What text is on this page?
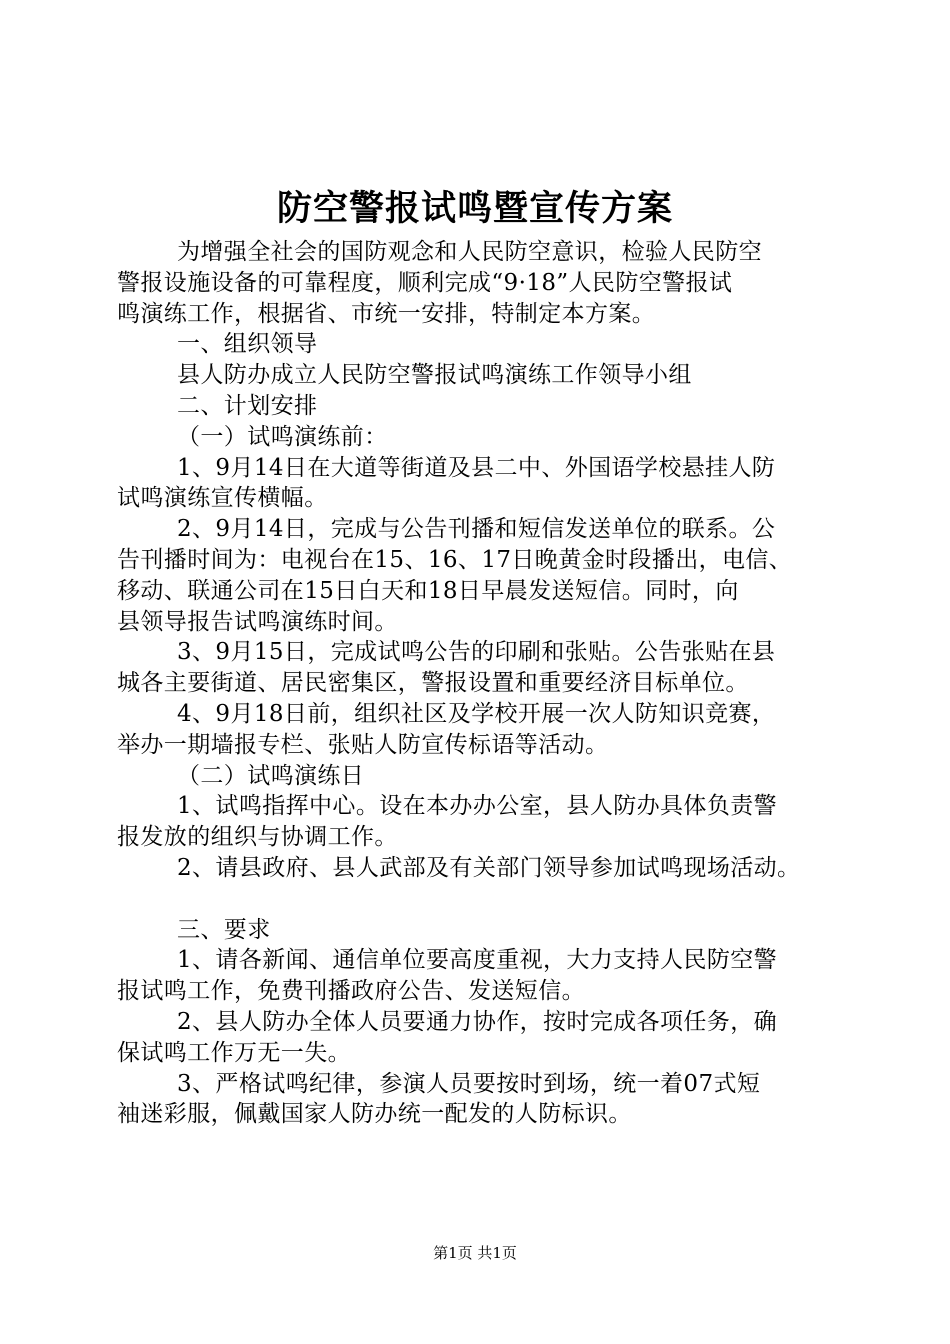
防空警报试鸣暨宣传方案
为增强全社会的国防观念和人民防空意识，检验人民防空
警报设施设备的可靠程度，顺利完成“9·18”人民防空警报试
鸣演练工作，根据省、市统一安排，特制定本方案。
一、组织领导
县人防办成立人民防空警报试鸣演练工作领导小组
二、计划安排
（一）试鸣演练前：
1、9月14日在大道等街道及县二中、外国语学校悬挂人防
试鸣演练宣传横幅。
2、9月14日，完成与公告刊播和短信发送单位的联系。公
告刊播时间为：电视台在15、16、17日晚黄金时段播出，电信、
移动、联通公司在15日白天和18日早晨发送短信。同时，向
县领导报告试鸣演练时间。
3、9月15日，完成试鸣公告的印刷和张贴。公告张贴在县
城各主要街道、居民密集区，警报设置和重要经济目标单位。
4、9月18日前，组织社区及学校开展一次人防知识竞赛，
举办一期墙报专栏、张贴人防宣传标语等活动。
（二）试鸣演练日
1、试鸣指挥中心。设在本办办公室，县人防办具体负责警
报发放的组织与协调工作。
2、请县政府、县人武部及有关部门领导参加试鸣现场活动。
三、要求
1、请各新闻、通信单位要高度重视，大力支持人民防空警
报试鸣工作，免费刊播政府公告、发送短信。
2、县人防办全体人员要通力协作，按时完成各项任务，确
保试鸣工作万无一失。
3、严格试鸣纪律，参演人员要按时到场，统一着07式短
袖迷彩服，佩戴国家人防办统一配发的人防标识。
第1页 共1页
